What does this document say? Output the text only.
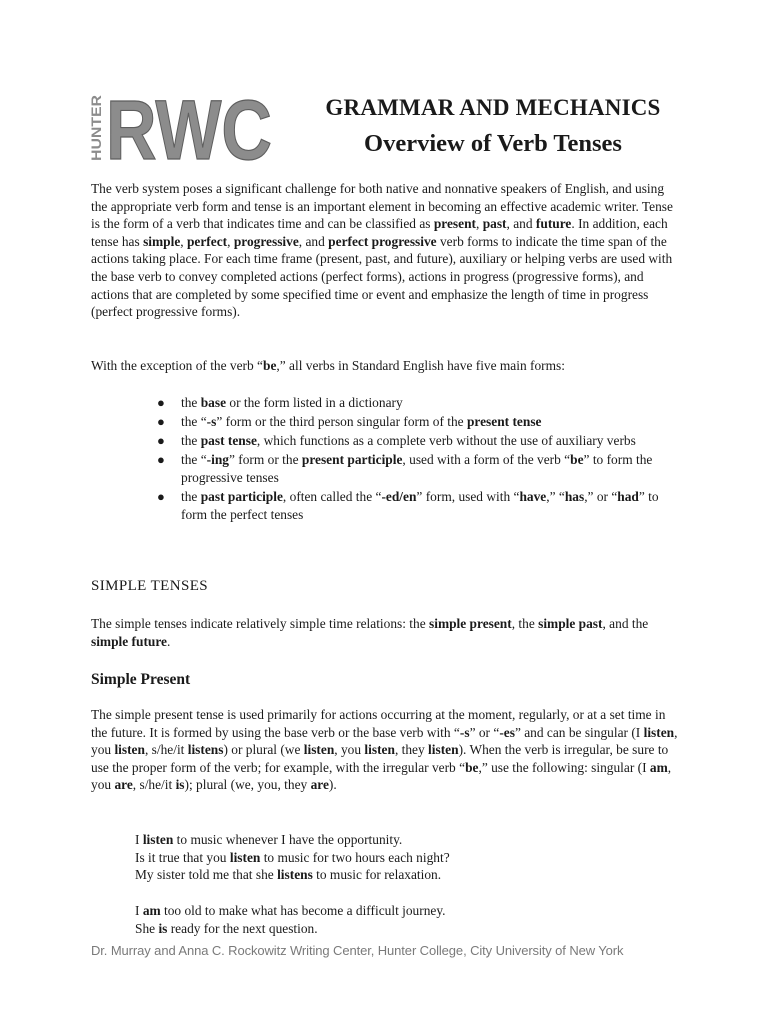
HUNTER RWC	GRAMMAR AND MECHANICS
Overview of Verb Tenses

The verb system poses a significant challenge for both native and nonnative speakers of English, and using the appropriate verb form and tense is an important element in becoming an effective academic writer. Tense is the form of a verb that indicates time and can be classified as present, past, and future. In addition, each tense has simple, perfect, progressive, and perfect progressive verb forms to indicate the time span of the actions taking place. For each time frame (present, past, and future), auxiliary or helping verbs are used with the base verb to convey completed actions (perfect forms), actions in progress (progressive forms), and actions that are completed by some specified time or event and emphasize the length of time in progress (perfect progressive forms).

With the exception of the verb “be,” all verbs in Standard English have five main forms:

● the base or the form listed in a dictionary
● the “-s” form or the third person singular form of the present tense
● the past tense, which functions as a complete verb without the use of auxiliary verbs
● the “-ing” form or the present participle, used with a form of the verb “be” to form the progressive tenses
● the past participle, often called the “-ed/en” form, used with “have,” “has,” or “had” to form the perfect tenses
SIMPLE TENSES

The simple tenses indicate relatively simple time relations: the simple present, the simple past, and the simple future.

Simple Present

The simple present tense is used primarily for actions occurring at the moment, regularly, or at a set time in the future. It is formed by using the base verb or the base verb with “-s” or “-es” and can be singular (I listen, you listen, s/he/it listens) or plural (we listen, you listen, they listen). When the verb is irregular, be sure to use the proper form of the verb; for example, with the irregular verb “be,” use the following: singular (I am, you are, s/he/it is); plural (we, you, they are).

I listen to music whenever I have the opportunity.
Is it true that you listen to music for two hours each night?
My sister told me that she listens to music for relaxation.
I am too old to make what has become a difficult journey.
She is ready for the next question.

Dr. Murray and Anna C. Rockowitz Writing Center, Hunter College, City University of New York
